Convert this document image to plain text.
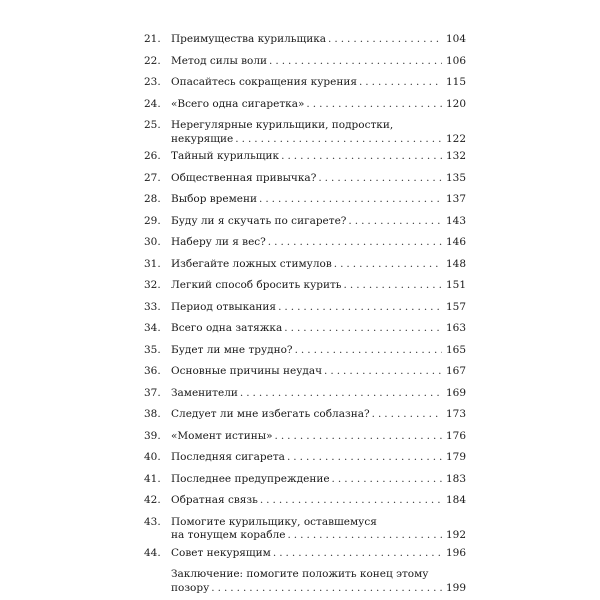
21. Преимущества курильщика .....	104
22. Метод силы воли .....	106
23. Опасайтесь сокращения курения .....	115
24. «Всего одна сигаретка» .....	120
25. Нерегулярные курильщики, подростки,
некурящие .....	122
26. Тайный курильщик .....	132
27. Общественная привычка? .....	135
28. Выбор времени .....	137
29. Буду ли я скучать по сигарете? .....	143
30. Наберу ли я вес? .....	146
31. Избегайте ложных стимулов .....	148
32. Легкий способ бросить курить .....	151
33. Период отвыкания .....	157
34. Всего одна затяжка .....	163
35. Будет ли мне трудно? .....	165
36. Основные причины неудач .....	167
37. Заменители .....	169
38. Следует ли мне избегать соблазна? .....	173
39. «Момент истины» .....	176
40. Последняя сигарета .....	179
41. Последнее предупреждение .....	183
42. Обратная связь .....	184
43. Помогите курильщику, оставшемуся
на тонущем корабле .....	192
44. Совет некурящим .....	196
Заключение: помогите положить конец этому
позору .....	199
